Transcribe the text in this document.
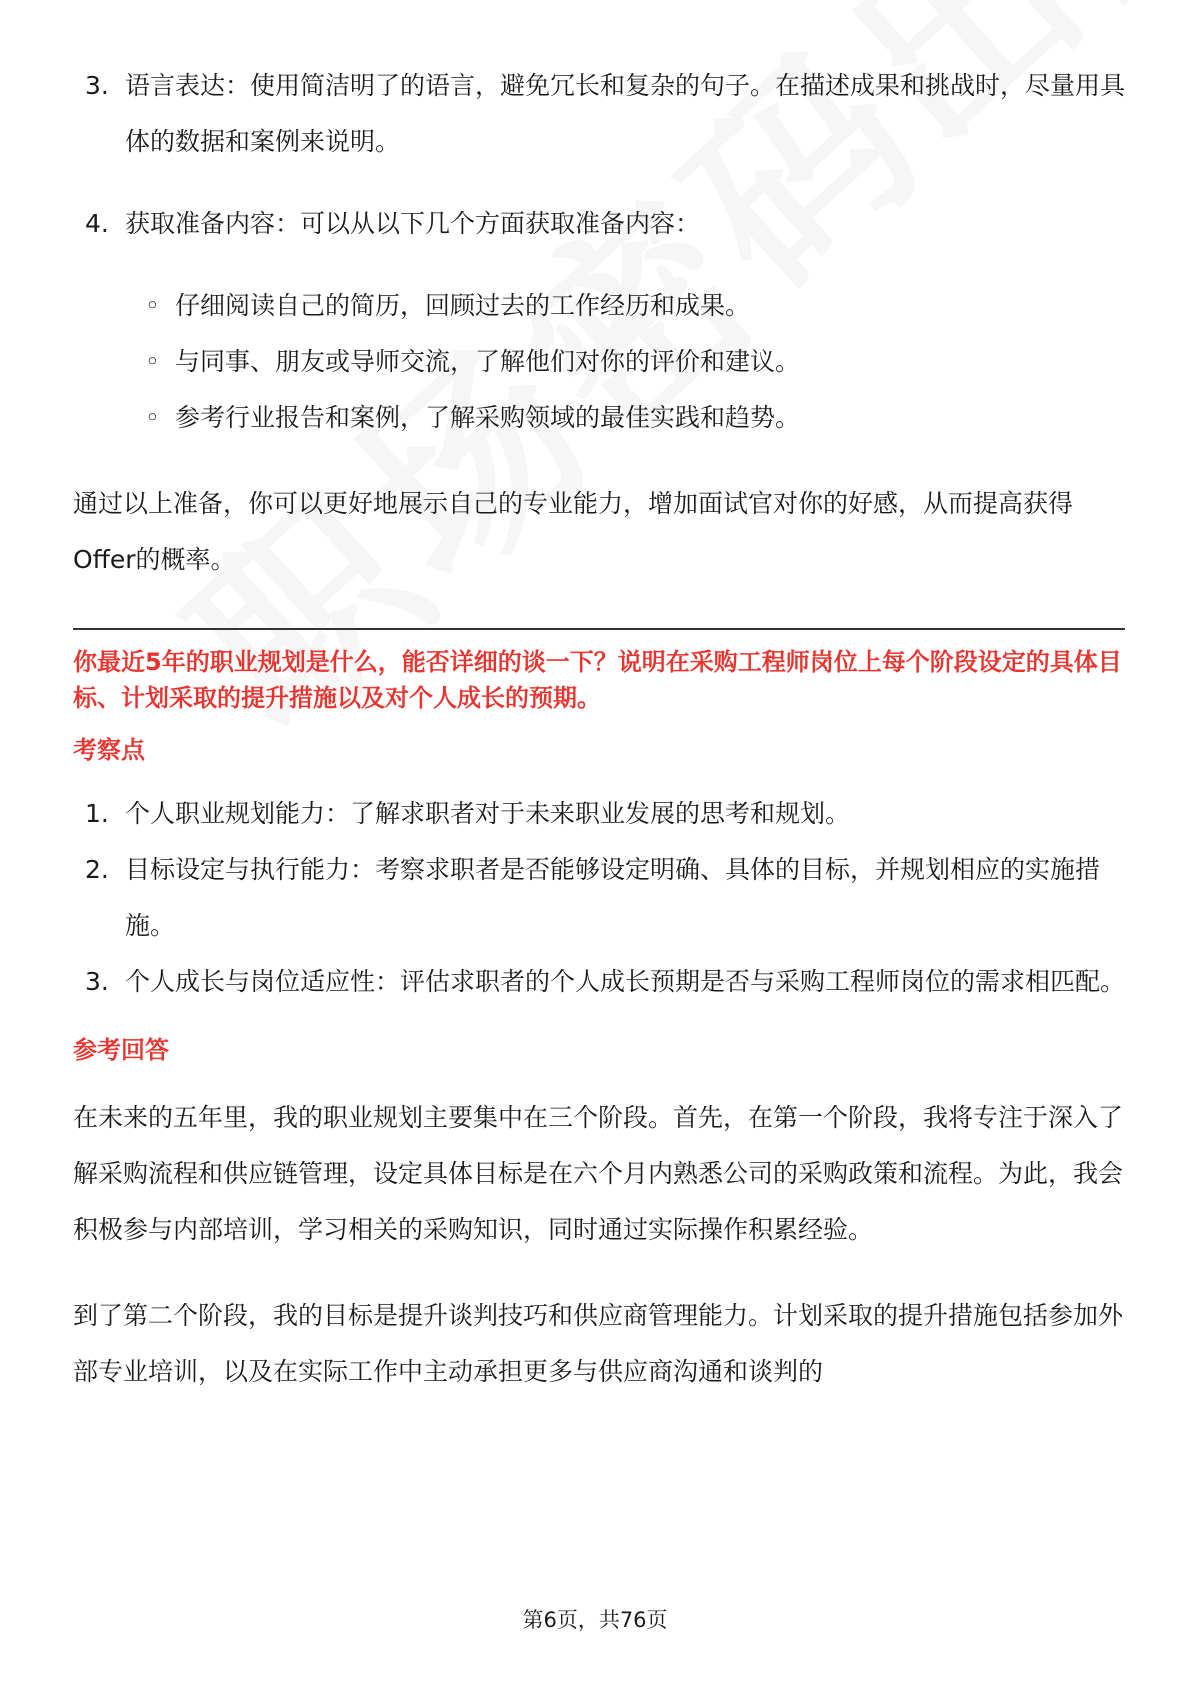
3. 语言表达：使用简洁明了的语言，避免冗长和复杂的句子。在描述成果和挑战时，尽量用具体的数据和案例来说明。
4. 获取准备内容：可以从以下几个方面获取准备内容：
◦ 仔细阅读自己的简历，回顾过去的工作经历和成果。
◦ 与同事、朋友或导师交流，了解他们对你的评价和建议。
◦ 参考行业报告和案例，了解采购领域的最佳实践和趋势。
通过以上准备，你可以更好地展示自己的专业能力，增加面试官对你的好感，从而提高获得Offer的概率。
你最近5年的职业规划是什么，能否详细的谈一下？说明在采购工程师岗位上每个阶段设定的具体目标、计划采取的提升措施以及对个人成长的预期。
考察点
1. 个人职业规划能力：了解求职者对于未来职业发展的思考和规划。
2. 目标设定与执行能力：考察求职者是否能够设定明确、具体的目标，并规划相应的实施措施。
3. 个人成长与岗位适应性：评估求职者的个人成长预期是否与采购工程师岗位的需求相匹配。
参考回答
在未来的五年里，我的职业规划主要集中在三个阶段。首先，在第一个阶段，我将专注于深入了解采购流程和供应链管理，设定具体目标是在六个月内熟悉公司的采购政策和流程。为此，我会积极参与内部培训，学习相关的采购知识，同时通过实际操作积累经验。
到了第二个阶段，我的目标是提升谈判技巧和供应商管理能力。计划采取的提升措施包括参加外部专业培训，以及在实际工作中主动承担更多与供应商沟通和谈判的
第6页，共76页
